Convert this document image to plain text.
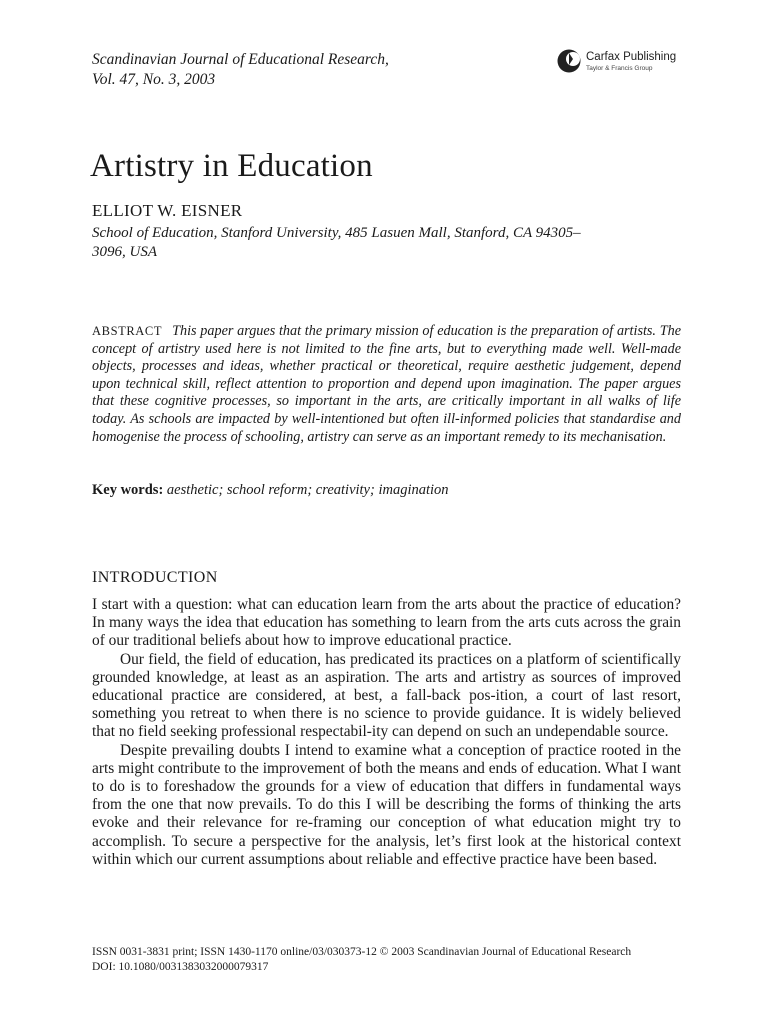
Scandinavian Journal of Educational Research,
Vol. 47, No. 3, 2003
Carfax Publishing
Taylor & Francis Group
Artistry in Education
ELLIOT W. EISNER
School of Education, Stanford University, 485 Lasuen Mall, Stanford, CA 94305–3096, USA

ABSTRACT This paper argues that the primary mission of education is the preparation of artists. The concept of artistry used here is not limited to the fine arts, but to everything made well. Well-made objects, processes and ideas, whether practical or theoretical, require aesthetic judgement, depend upon technical skill, reflect attention to proportion and depend upon imagination. The paper argues that these cognitive processes, so important in the arts, are critically important in all walks of life today. As schools are impacted by well-intentioned but often ill-informed policies that standardise and homogenise the process of schooling, artistry can serve as an important remedy to its mechanisation.

Key words: aesthetic; school reform; creativity; imagination
INTRODUCTION

I start with a question: what can education learn from the arts about the practice of education? In many ways the idea that education has something to learn from the arts cuts across the grain of our traditional beliefs about how to improve educational practice.

Our field, the field of education, has predicated its practices on a platform of scientifically grounded knowledge, at least as an aspiration. The arts and artistry as sources of improved educational practice are considered, at best, a fall-back pos-ition, a court of last resort, something you retreat to when there is no science to provide guidance. It is widely believed that no field seeking professional respectabil-ity can depend on such an undependable source.

Despite prevailing doubts I intend to examine what a conception of practice rooted in the arts might contribute to the improvement of both the means and ends of education. What I want to do is to foreshadow the grounds for a view of education that differs in fundamental ways from the one that now prevails. To do this I will be describing the forms of thinking the arts evoke and their relevance for re-framing our conception of what education might try to accomplish. To secure a perspective for the analysis, let’s first look at the historical context within which our current assumptions about reliable and effective practice have been based.

ISSN 0031-3831 print; ISSN 1430-1170 online/03/030373-12 © 2003 Scandinavian Journal of Educational Research
DOI: 10.1080/0031383032000079317
